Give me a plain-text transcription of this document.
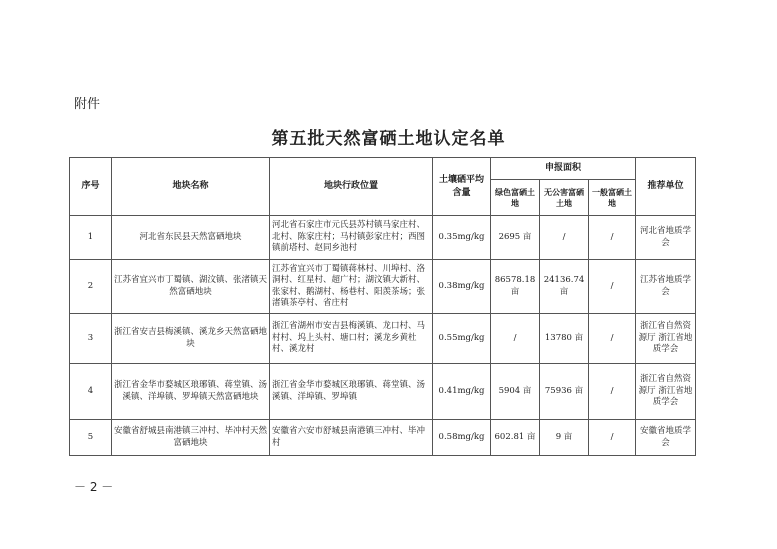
附件
第五批天然富硒土地认定名单
序号	地块名称	地块行政位置	土壤硒平均含量	申报面积			推荐单位
				绿色富硒土地	无公害富硒土地	一般富硒土地	
1	河北省东民县天然富硒地块	河北省石家庄市元氏县苏村镇马家庄村、北村、陈家庄村；马村镇彭家庄村；西图镇前塔村、赵同乡池村	0.35mg/kg	2695 亩	/	/	河北省地质学会
2	江苏省宜兴市丁蜀镇、湖汶镇、张渚镇天然富硒地块	江苏省宜兴市丁蜀镇蒋林村、川埠村、洛洞村、红星村、超广村；湖汶镇大新村、张家村、鹅湖村、杨巷村、阳羡茶场；张渚镇茶亭村、省庄村	0.38mg/kg	86578.18 亩	24136.74 亩	/	江苏省地质学会
3	浙江省安吉县梅溪镇、溪龙乡天然富硒地块	浙江省湖州市安吉县梅溪镇、龙口村、马村村、坞上头村、塘口村；溪龙乡黄杜村、溪龙村	0.55mg/kg	/	13780 亩	/	浙江省自然资源厅 浙江省地质学会
4	浙江省金华市婺城区琅琊镇、蒋堂镇、汤溪镇、洋埠镇、罗埠镇天然富硒地块	浙江省金华市婺城区琅琊镇、蒋堂镇、汤溪镇、洋埠镇、罗埠镇	0.41mg/kg	5904 亩	75936 亩	/	浙江省自然资源厅 浙江省地质学会
5	安徽省舒城县南港镇三冲村、毕冲村天然富硒地块	安徽省六安市舒城县南港镇三冲村、毕冲村	0.58mg/kg	602.81 亩	9 亩	/	安徽省地质学会
－ 2 －
